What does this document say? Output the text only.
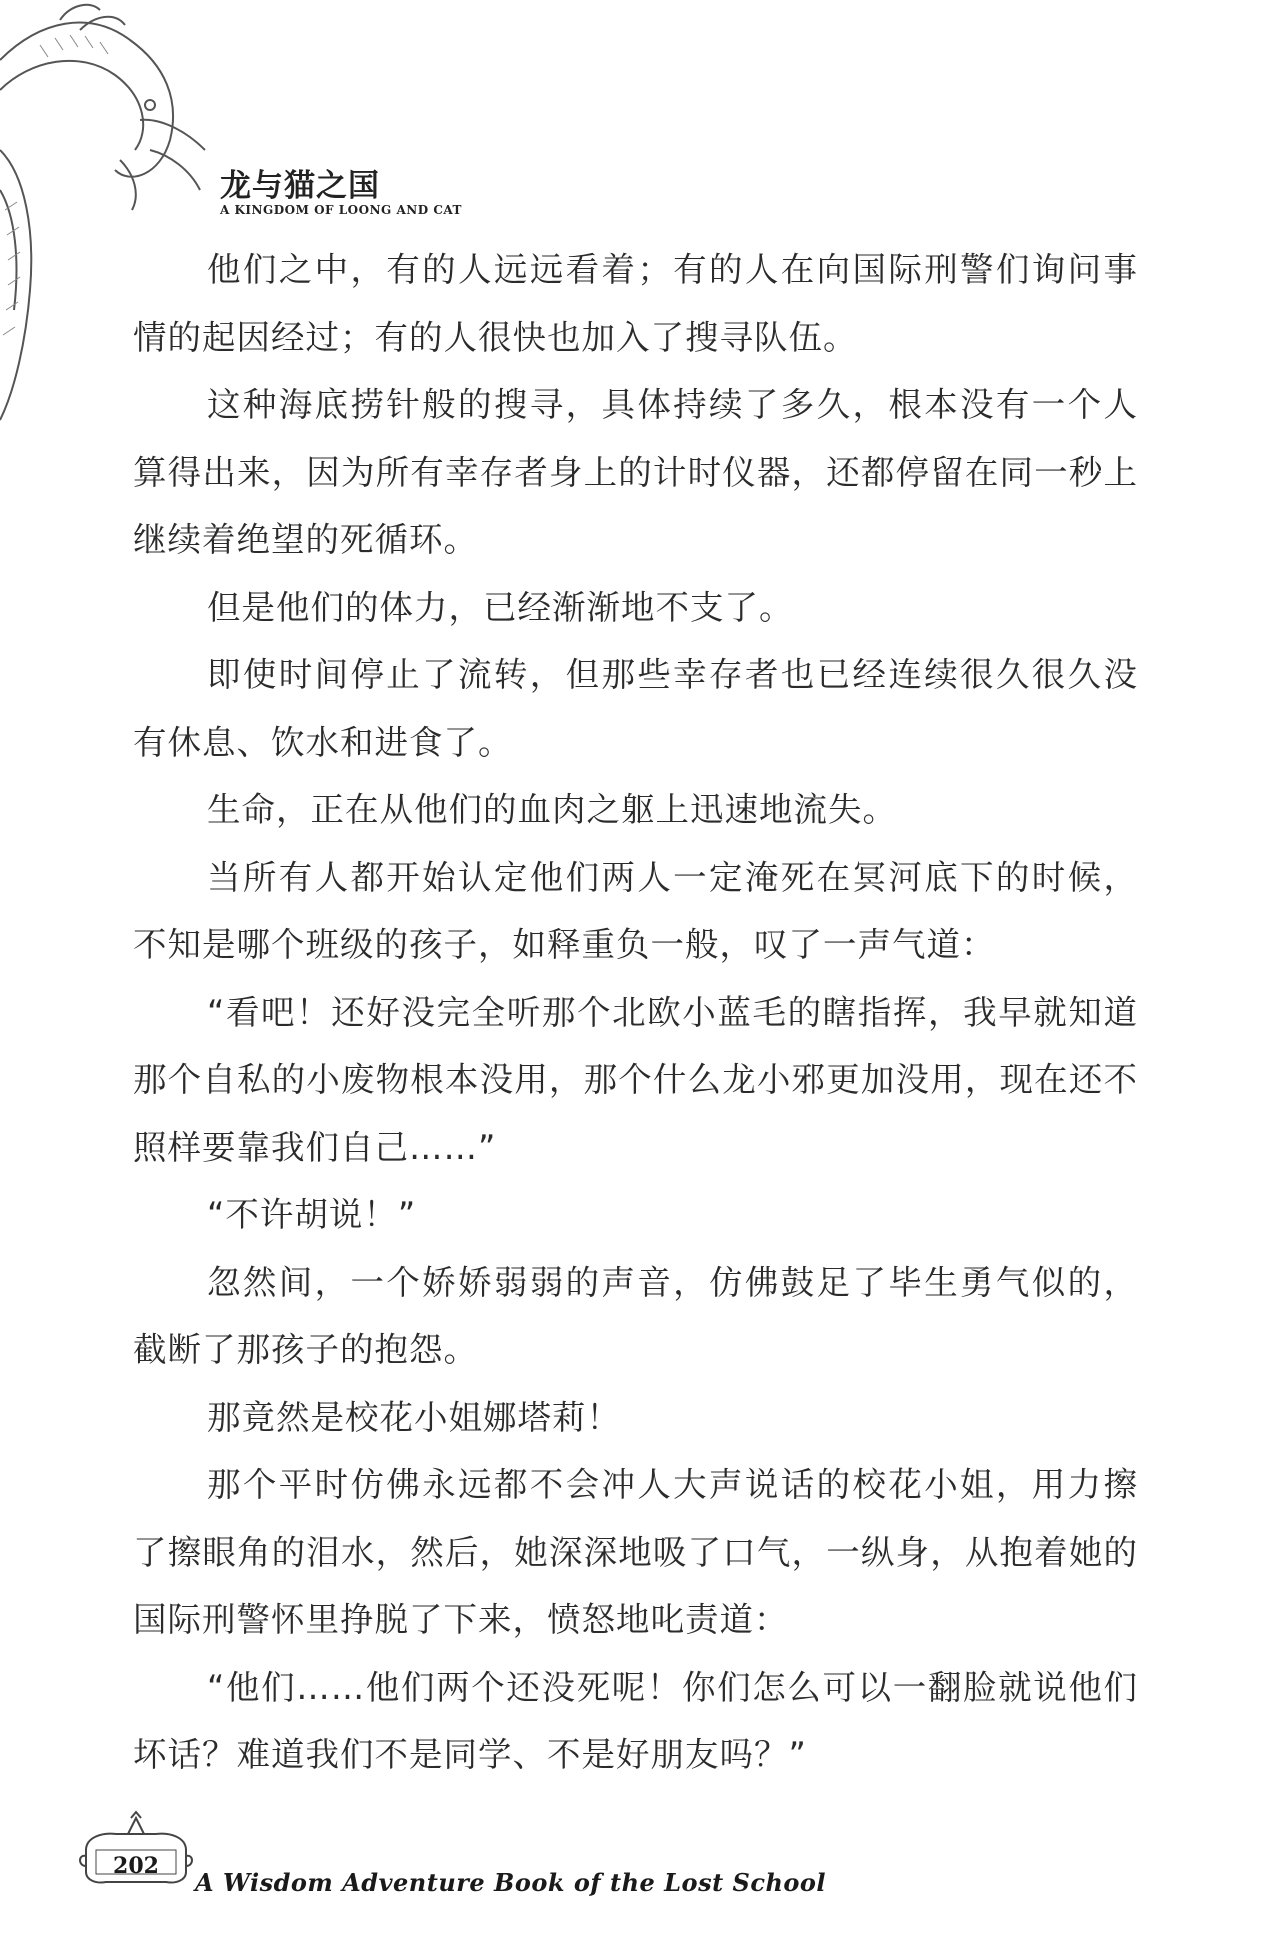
龙与猫之国
A KINGDOM OF LOONG AND CAT

他们之中，有的人远远看着；有的人在向国际刑警们询问事情的起因经过；有的人很快也加入了搜寻队伍。

这种海底捞针般的搜寻，具体持续了多久，根本没有一个人算得出来，因为所有幸存者身上的计时仪器，还都停留在同一秒上继续着绝望的死循环。

但是他们的体力，已经渐渐地不支了。

即使时间停止了流转，但那些幸存者也已经连续很久很久没有休息、饮水和进食了。

生命，正在从他们的血肉之躯上迅速地流失。

当所有人都开始认定他们两人一定淹死在冥河底下的时候，不知是哪个班级的孩子，如释重负一般，叹了一声气道：

“看吧！还好没完全听那个北欧小蓝毛的瞎指挥，我早就知道那个自私的小废物根本没用，那个什么龙小邪更加没用，现在还不照样要靠我们自己……”

“不许胡说！”

忽然间，一个娇娇弱弱的声音，仿佛鼓足了毕生勇气似的，截断了那孩子的抱怨。

那竟然是校花小姐娜塔莉！

那个平时仿佛永远都不会冲人大声说话的校花小姐，用力擦了擦眼角的泪水，然后，她深深地吸了口气，一纵身，从抱着她的国际刑警怀里挣脱了下来，愤怒地叱责道：

“他们……他们两个还没死呢！你们怎么可以一翻脸就说他们坏话？难道我们不是同学、不是好朋友吗？”

202
A Wisdom Adventure Book of the Lost School
